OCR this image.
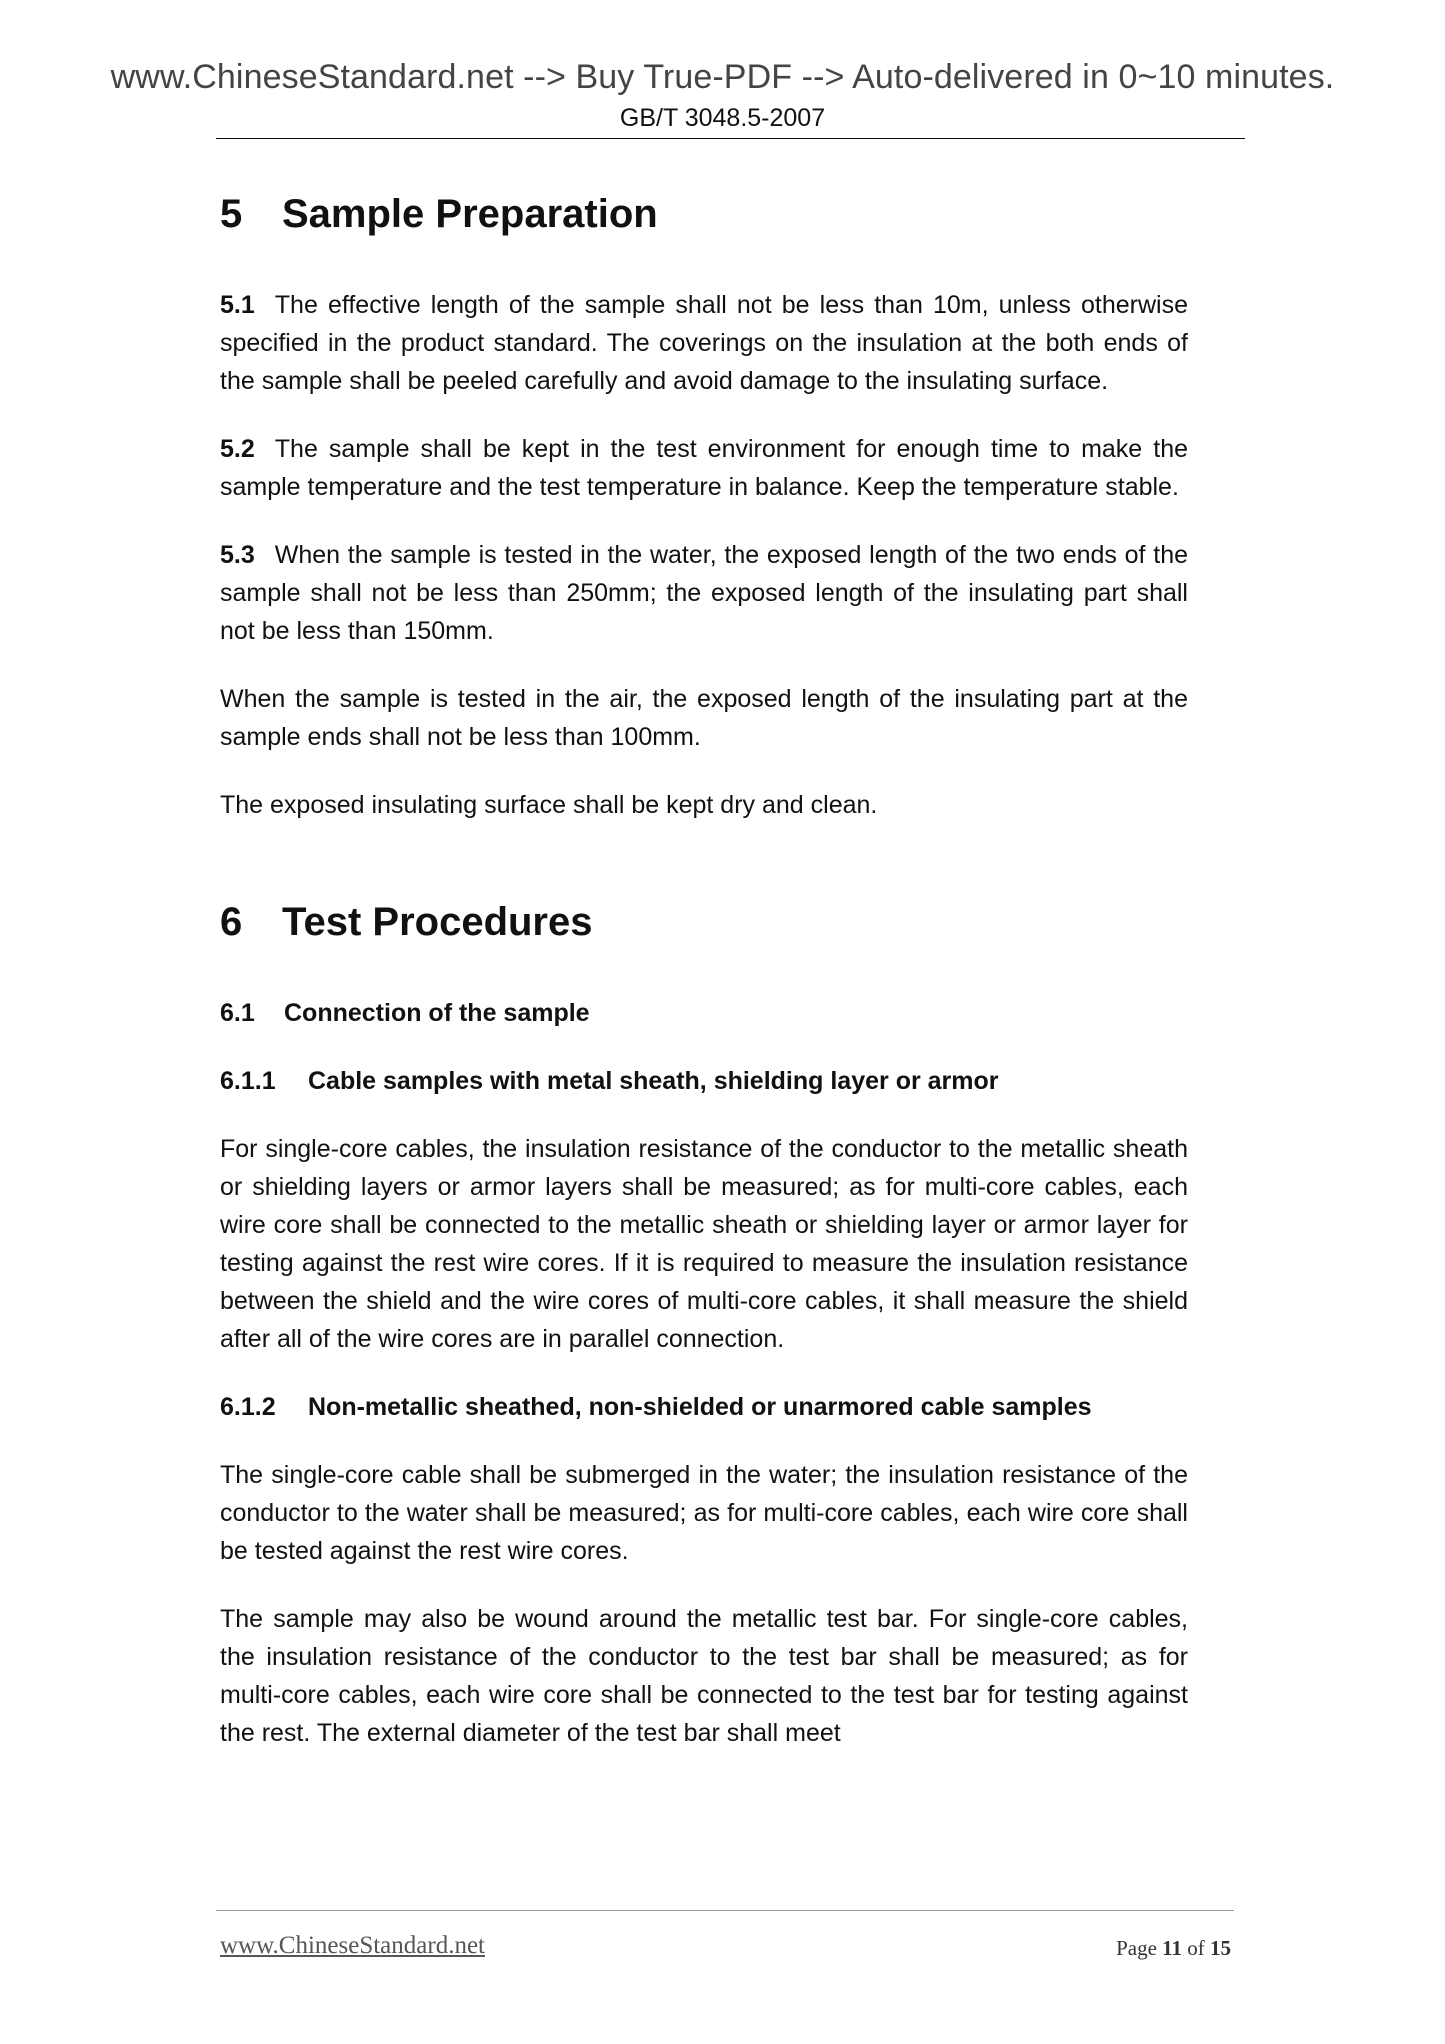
www.ChineseStandard.net --> Buy True-PDF --> Auto-delivered in 0~10 minutes.
GB/T 3048.5-2007
5 Sample Preparation

5.1 The effective length of the sample shall not be less than 10m, unless otherwise specified in the product standard. The coverings on the insulation at the both ends of the sample shall be peeled carefully and avoid damage to the insulating surface.

5.2 The sample shall be kept in the test environment for enough time to make the sample temperature and the test temperature in balance. Keep the temperature stable.

5.3 When the sample is tested in the water, the exposed length of the two ends of the sample shall not be less than 250mm; the exposed length of the insulating part shall not be less than 150mm.

When the sample is tested in the air, the exposed length of the insulating part at the sample ends shall not be less than 100mm.

The exposed insulating surface shall be kept dry and clean.

6 Test Procedures
6.1	Connection of the sample
6.1.1	Cable samples with metal sheath, shielding layer or armor

For single-core cables, the insulation resistance of the conductor to the metallic sheath or shielding layers or armor layers shall be measured; as for multi-core cables, each wire core shall be connected to the metallic sheath or shielding layer or armor layer for testing against the rest wire cores. If it is required to measure the insulation resistance between the shield and the wire cores of multi-core cables, it shall measure the shield after all of the wire cores are in parallel connection.

6.1.2	Non-metallic sheathed, non-shielded or unarmored cable samples

The single-core cable shall be submerged in the water; the insulation resistance of the conductor to the water shall be measured; as for multi-core cables, each wire core shall be tested against the rest wire cores.

The sample may also be wound around the metallic test bar. For single-core cables, the insulation resistance of the conductor to the test bar shall be measured; as for multi-core cables, each wire core shall be connected to the test bar for testing against the rest. The external diameter of the test bar shall meet

www.ChineseStandard.net	Page 11 of 15
